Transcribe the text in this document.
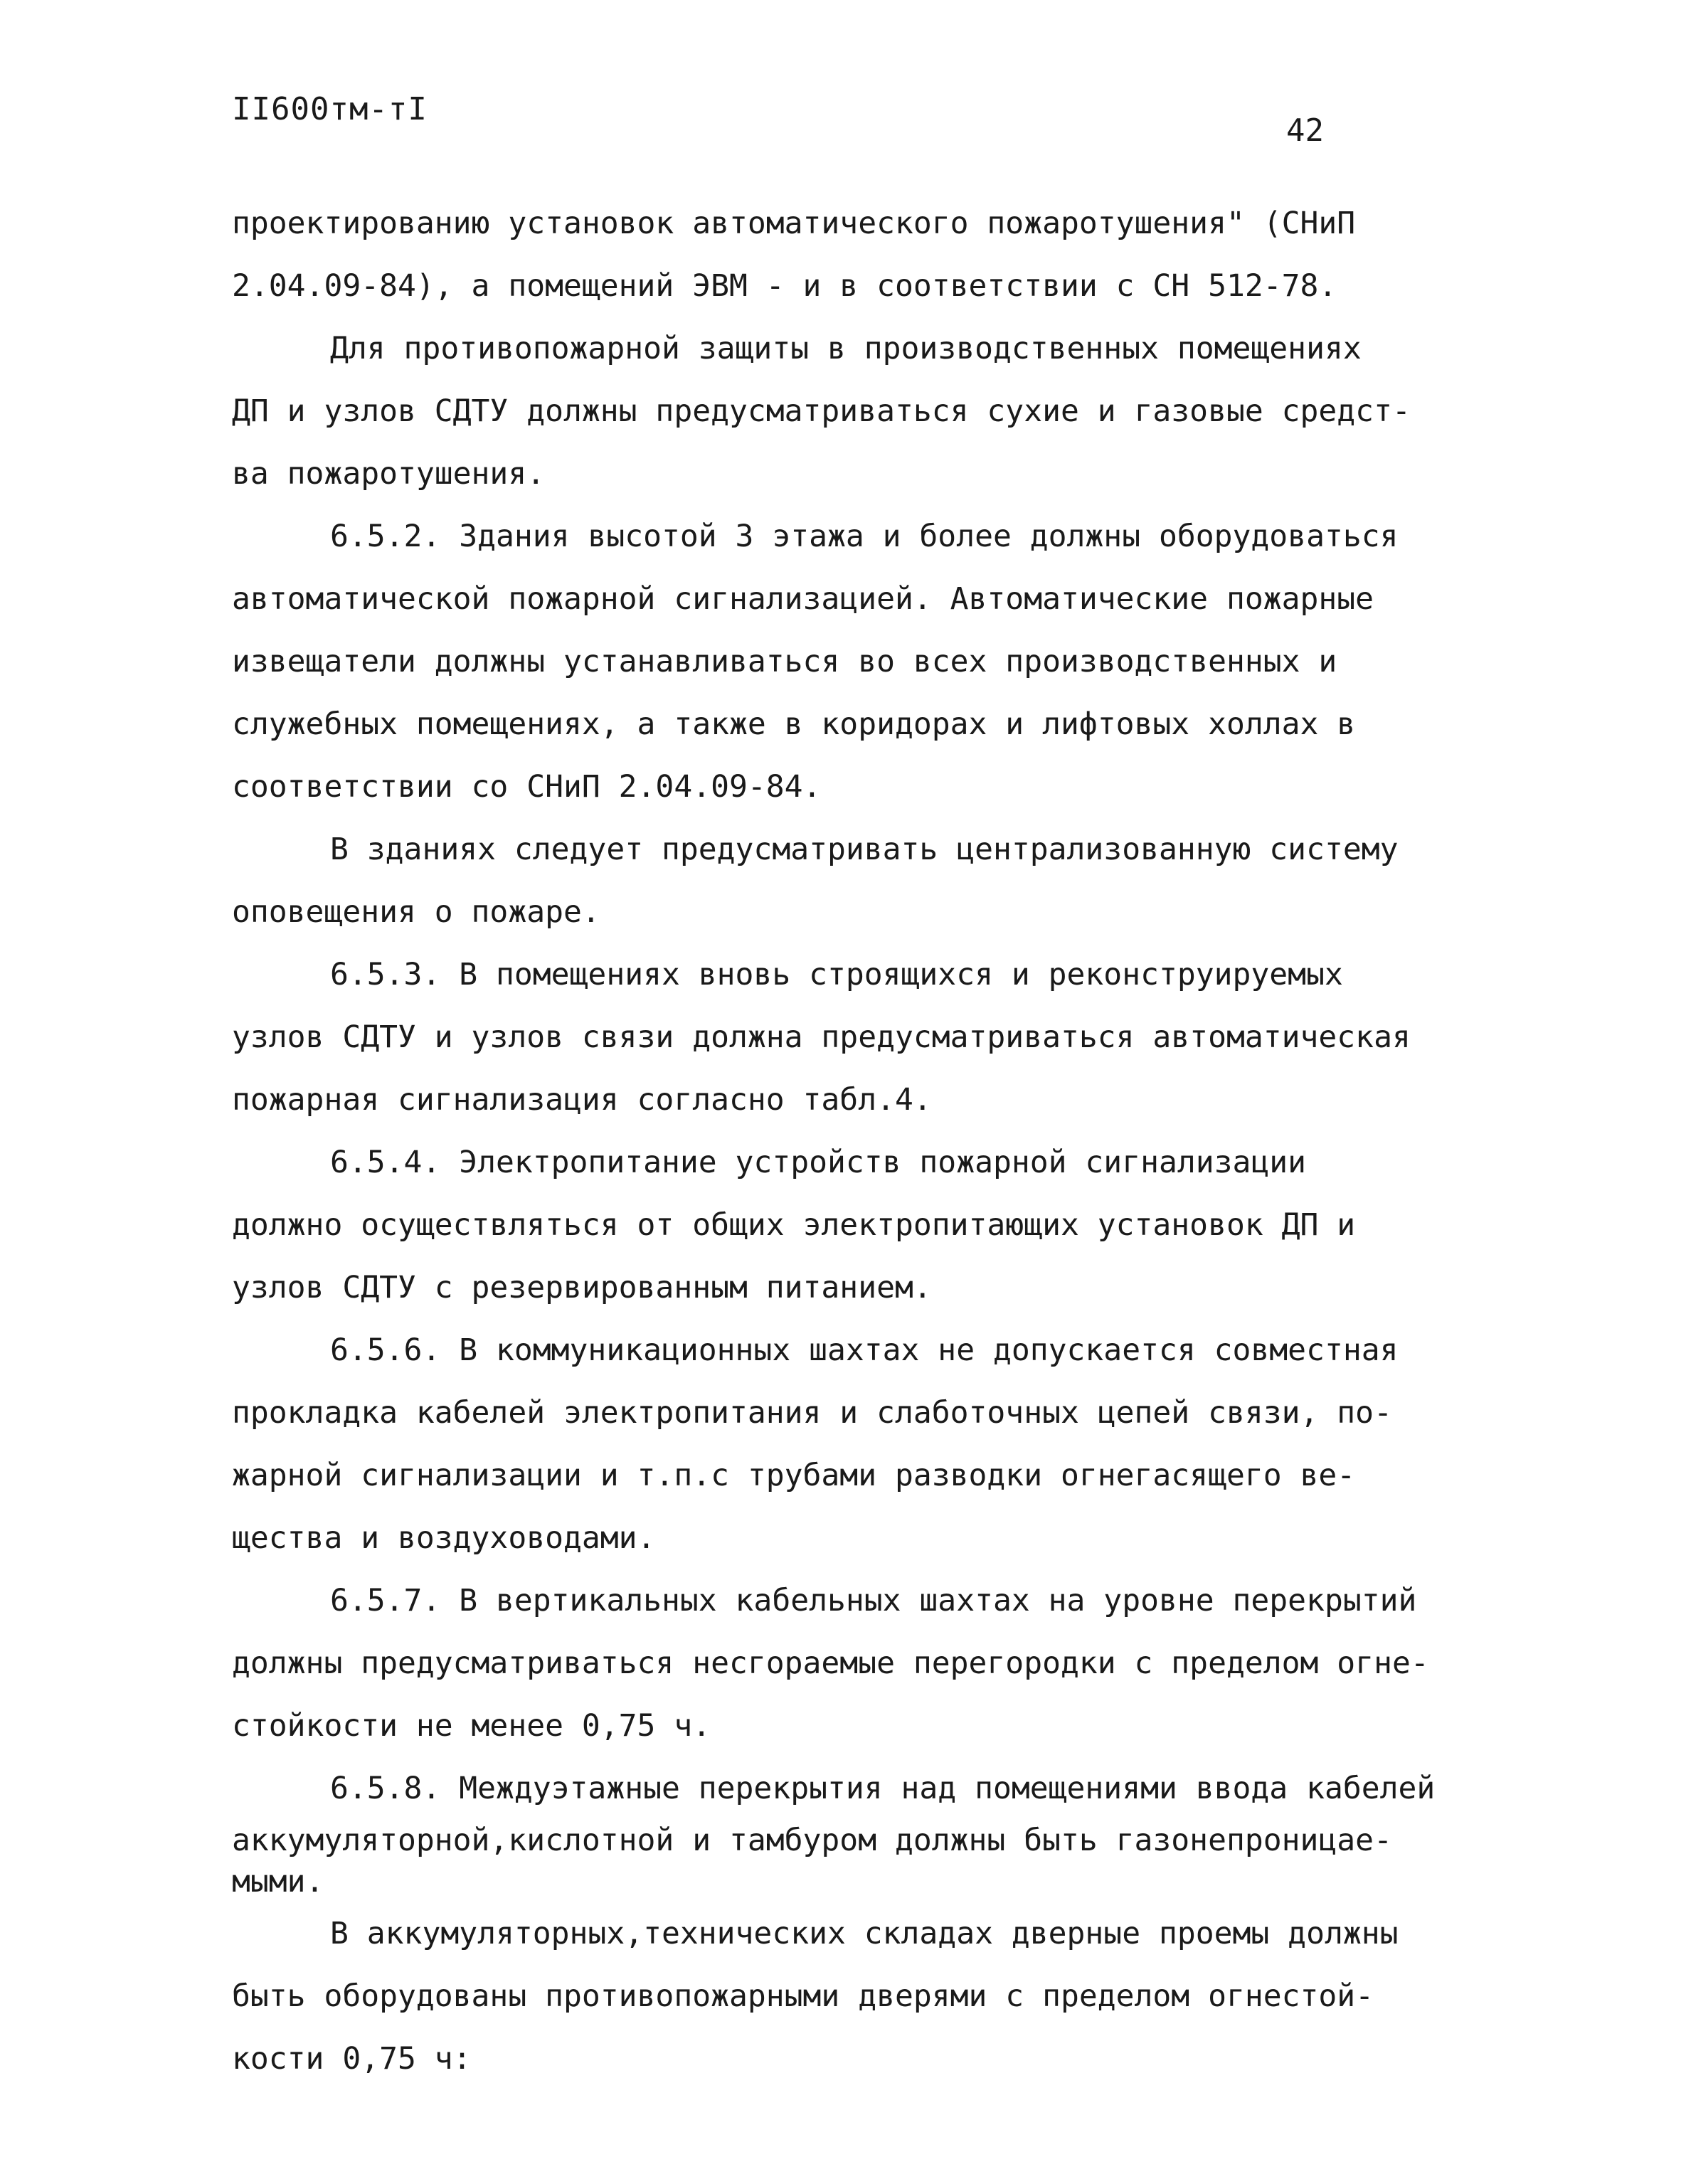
II600тм-тI
42
проектированию установок автоматического пожаротушения" (СНиП
2.04.09-84), а помещений ЭВМ - и в соответствии с СН 512-78.
Для противопожарной защиты в производственных помещениях
ДП и узлов СДТУ должны предусматриваться сухие и газовые средст-
ва пожаротушения.
6.5.2. Здания высотой 3 этажа и более должны оборудоваться
автоматической пожарной сигнализацией. Автоматические пожарные
извещатели должны устанавливаться во всех производственных и
служебных помещениях, а также в коридорах и лифтовых холлах в
соответствии со СНиП 2.04.09-84.
В зданиях следует предусматривать централизованную систему
оповещения о пожаре.
6.5.3. В помещениях вновь строящихся и реконструируемых
узлов СДТУ и узлов связи должна предусматриваться автоматическая
пожарная сигнализация согласно табл.4.
6.5.4. Электропитание устройств пожарной сигнализации
должно осуществляться от общих электропитающих установок ДП и
узлов СДТУ с резервированным питанием.
6.5.6. В коммуникационных шахтах не допускается совместная
прокладка кабелей электропитания и слаботочных цепей связи, по-
жарной сигнализации и т.п.с трубами разводки огнегасящего ве-
щества и воздуховодами.
6.5.7. В вертикальных кабельных шахтах на уровне перекрытий
должны предусматриваться несгораемые перегородки с пределом огне-
стойкости не менее 0,75 ч.
6.5.8. Междуэтажные перекрытия над помещениями ввода кабелей
аккумуляторной,кислотной и тамбуром должны быть газонепроницае-
мыми.
В аккумуляторных,технических складах дверные проемы должны
быть оборудованы противопожарными дверями с пределом огнестой-
кости 0,75 ч:
